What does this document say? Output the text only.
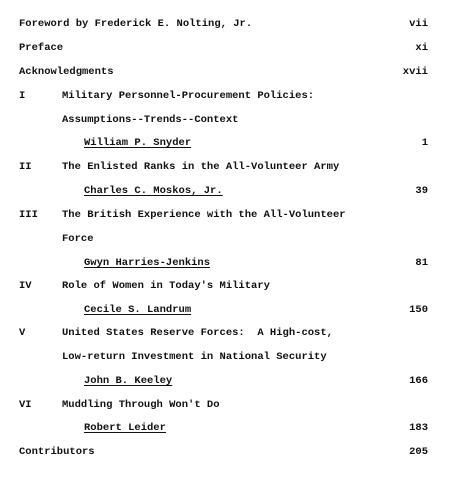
Foreword by Frederick E. Nolting, Jr.	vii
Preface	xi
Acknowledgments	xvii
I	Military Personnel-Procurement Policies:
Assumptions--Trends--Context
William P. Snyder	1
II	The Enlisted Ranks in the All-Volunteer Army
Charles C. Moskos, Jr.	39
III The British Experience with the All-Volunteer
Force
Gwyn Harries-Jenkins	81
IV	Role of Women in Today's Military
Cecile S. Landrum	150
V	United States Reserve Forces:  A High-cost,
Low-return Investment in National Security
John B. Keeley	166
VI	Muddling Through Won't Do
Robert Leider	183
Contributors	205
